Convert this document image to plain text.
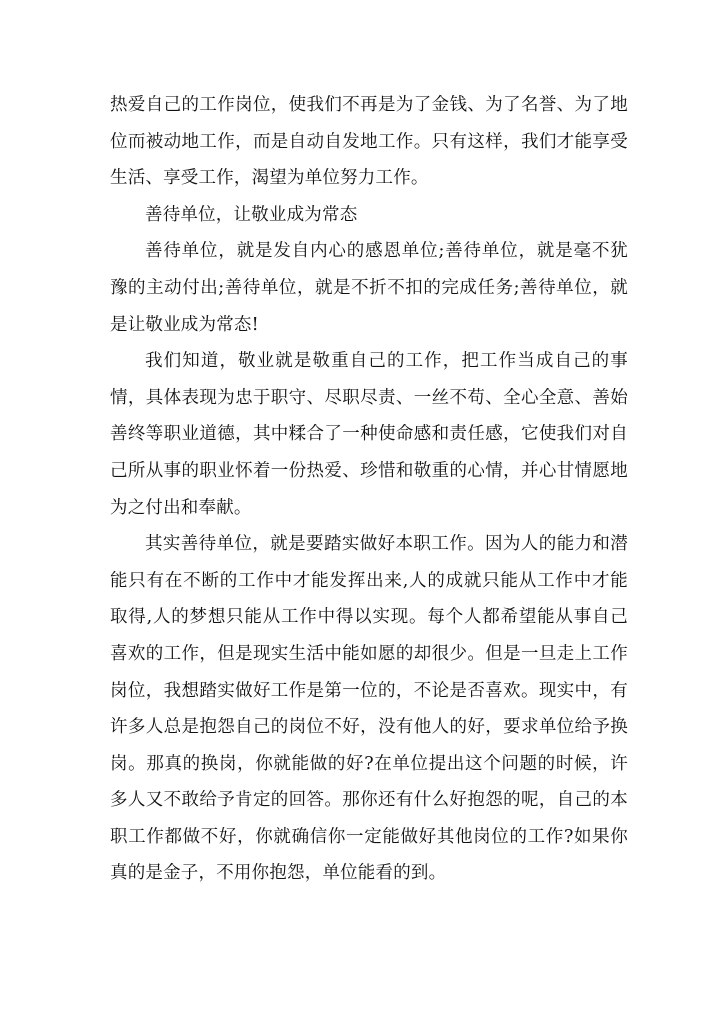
热爱自己的工作岗位，使我们不再是为了金钱、为了名誉、为了地位而被动地工作，而是自动自发地工作。只有这样，我们才能享受生活、享受工作，渴望为单位努力工作。

善待单位，让敬业成为常态

善待单位，就是发自内心的感恩单位;善待单位，就是毫不犹豫的主动付出;善待单位，就是不折不扣的完成任务;善待单位，就是让敬业成为常态!

我们知道，敬业就是敬重自己的工作，把工作当成自己的事情，具体表现为忠于职守、尽职尽责、一丝不苟、全心全意、善始善终等职业道德，其中糅合了一种使命感和责任感，它使我们对自己所从事的职业怀着一份热爱、珍惜和敬重的心情，并心甘情愿地为之付出和奉献。

其实善待单位，就是要踏实做好本职工作。因为人的能力和潜能只有在不断的工作中才能发挥出来,人的成就只能从工作中才能取得,人的梦想只能从工作中得以实现。每个人都希望能从事自己喜欢的工作，但是现实生活中能如愿的却很少。但是一旦走上工作岗位，我想踏实做好工作是第一位的，不论是否喜欢。现实中，有许多人总是抱怨自己的岗位不好，没有他人的好，要求单位给予换岗。那真的换岗，你就能做的好?在单位提出这个问题的时候，许多人又不敢给予肯定的回答。那你还有什么好抱怨的呢，自己的本职工作都做不好，你就确信你一定能做好其他岗位的工作?如果你真的是金子，不用你抱怨，单位能看的到。
